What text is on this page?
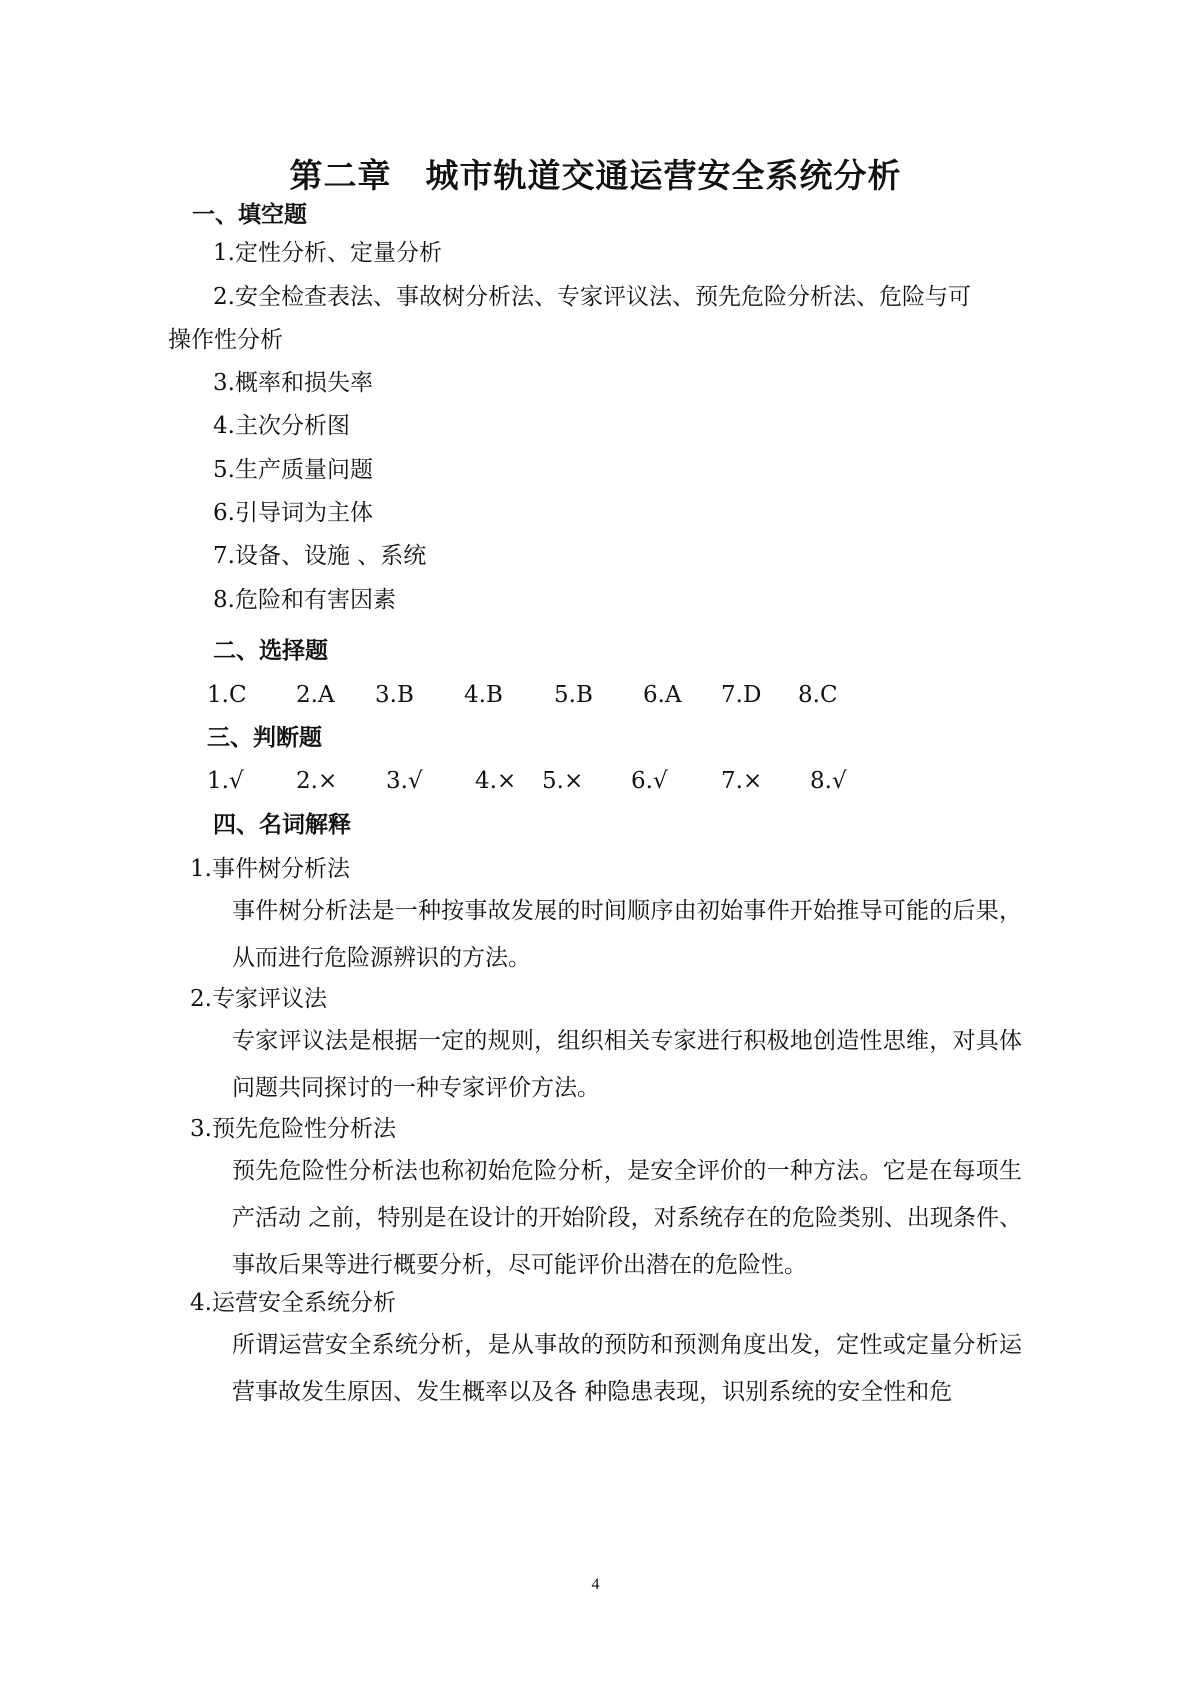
第二章　城市轨道交通运营安全系统分析
一、填空题
1.定性分析、定量分析
2.安全检查表法、事故树分析法、专家评议法、预先危险分析法、危险与可
操作性分析
3.概率和损失率
4.主次分析图
5.生产质量问题
6.引导词为主体
7.设备、设施 、系统
8.危险和有害因素
二、选择题
1.C 2.A 3.B 4.B 5.B 6.A 7.D 8.C
三、判断题
1.√ 2.× 3.√ 4.× 5.× 6.√ 7.× 8.√
四、名词解释
1.事件树分析法
事件树分析法是一种按事故发展的时间顺序由初始事件开始推导可能的后果，从而进行危险源辨识的方法。
2.专家评议法
专家评议法是根据一定的规则，组织相关专家进行积极地创造性思维，对具体问题共同探讨的一种专家评价方法。
3.预先危险性分析法
预先危险性分析法也称初始危险分析，是安全评价的一种方法。它是在每项生产活动 之前，特别是在设计的开始阶段，对系统存在的危险类别、出现条件、事故后果等进行概要分析，尽可能评价出潜在的危险性。
4.运营安全系统分析
所谓运营安全系统分析，是从事故的预防和预测角度出发，定性或定量分析运营事故发生原因、发生概率以及各 种隐患表现，识别系统的安全性和危
4
